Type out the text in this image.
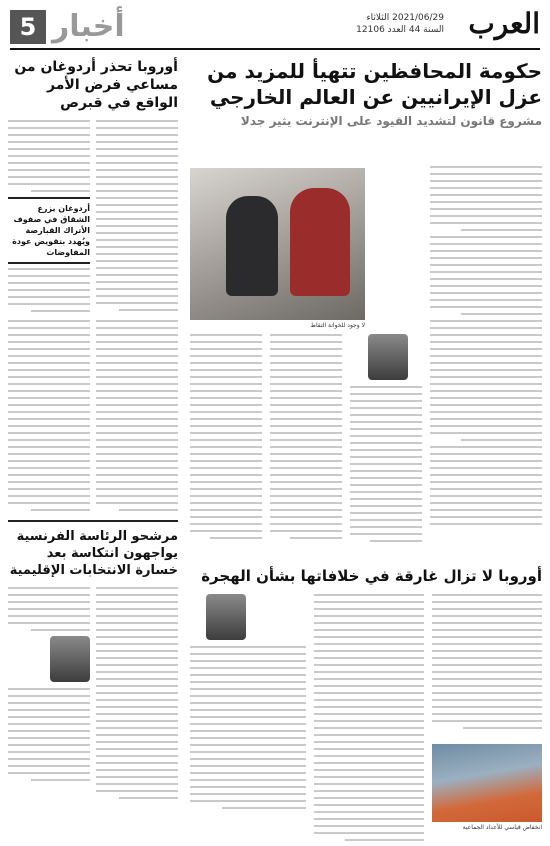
5 أخبار	2021/06/29 الثلاثاء
السنة 44 العدد 12106 العرب
حكومة المحافظين تتهيأ للمزيد من عزل الإيرانيين عن العالم الخارجي
مشروع قانون لتشديد القيود على الإنترنت يثير جدلا
لا وجود للخوانة التقاط
أوروبا لا تزال غارقة في خلافاتها بشأن الهجرة
انخفاض قياسي للأعداد الجماعية
أوروبا تحذر أردوغان من مساعي فرض الأمر الواقع في قبرص
أردوغان يزرع الشقاق في صفوف الأتراك القبارصة ويُهدد بتقويض عودة المفاوضات
مرشحو الرئاسة الفرنسية يواجهون انتكاسة بعد خسارة الانتخابات الإقليمية
